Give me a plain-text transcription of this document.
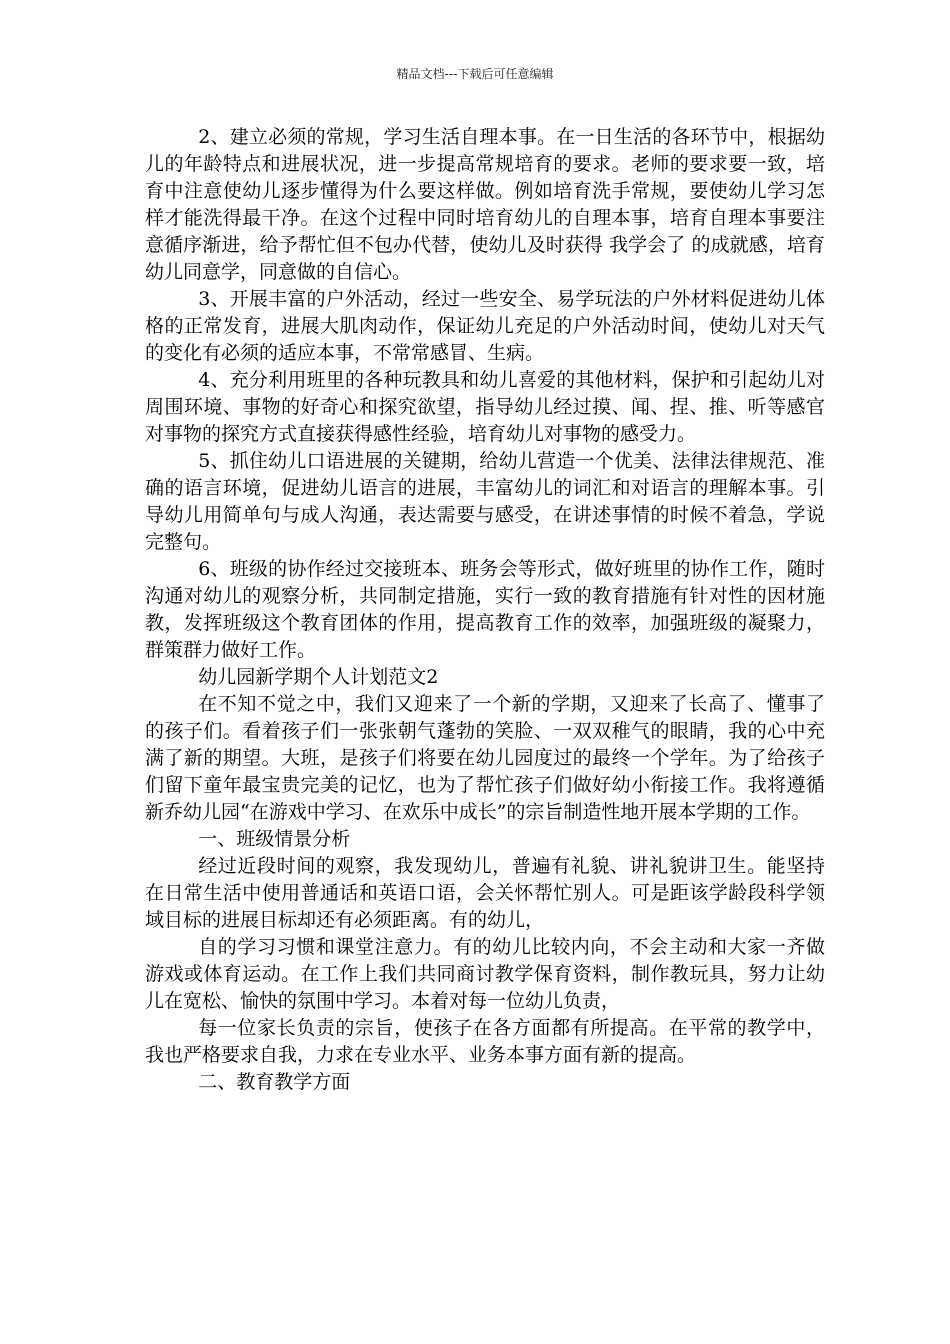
精品文档---下载后可任意编辑

2、建立必须的常规，学习生活自理本事。在一日生活的各环节中，根据幼儿的年龄特点和进展状况，进一步提高常规培育的要求。老师的要求要一致，培育中注意使幼儿逐步懂得为什么要这样做。例如培育洗手常规，要使幼儿学习怎样才能洗得最干净。在这个过程中同时培育幼儿的自理本事，培育自理本事要注意循序渐进，给予帮忙但不包办代替，使幼儿及时获得 我学会了 的成就感，培育幼儿同意学，同意做的自信心。

3、开展丰富的户外活动，经过一些安全、易学玩法的户外材料促进幼儿体格的正常发育，进展大肌肉动作，保证幼儿充足的户外活动时间，使幼儿对天气的变化有必须的适应本事，不常常感冒、生病。

4、充分利用班里的各种玩教具和幼儿喜爱的其他材料，保护和引起幼儿对周围环境、事物的好奇心和探究欲望，指导幼儿经过摸、闻、捏、推、听等感官对事物的探究方式直接获得感性经验，培育幼儿对事物的感受力。

5、抓住幼儿口语进展的关键期，给幼儿营造一个优美、法律法律规范、准确的语言环境，促进幼儿语言的进展，丰富幼儿的词汇和对语言的理解本事。引导幼儿用简单句与成人沟通，表达需要与感受，在讲述事情的时候不着急，学说完整句。

6、班级的协作经过交接班本、班务会等形式，做好班里的协作工作，随时沟通对幼儿的观察分析，共同制定措施，实行一致的教育措施有针对性的因材施教，发挥班级这个教育团体的作用，提高教育工作的效率，加强班级的凝聚力，群策群力做好工作。

幼儿园新学期个人计划范文2

在不知不觉之中，我们又迎来了一个新的学期，又迎来了长高了、懂事了的孩子们。看着孩子们一张张朝气蓬勃的笑脸、一双双稚气的眼睛，我的心中充满了新的期望。大班，是孩子们将要在幼儿园度过的最终一个学年。为了给孩子们留下童年最宝贵完美的记忆，也为了帮忙孩子们做好幼小衔接工作。我将遵循新乔幼儿园“在游戏中学习、在欢乐中成长”的宗旨制造性地开展本学期的工作。

一、班级情景分析

经过近段时间的观察，我发现幼儿，普遍有礼貌、讲礼貌讲卫生。能坚持在日常生活中使用普通话和英语口语，会关怀帮忙别人。可是距该学龄段科学领域目标的进展目标却还有必须距离。有的幼儿，

自的学习习惯和课堂注意力。有的幼儿比较内向，不会主动和大家一齐做游戏或体育运动。在工作上我们共同商讨教学保育资料，制作教玩具，努力让幼儿在宽松、愉快的氛围中学习。本着对每一位幼儿负责，

每一位家长负责的宗旨，使孩子在各方面都有所提高。在平常的教学中，我也严格要求自我，力求在专业水平、业务本事方面有新的提高。

二、教育教学方面
